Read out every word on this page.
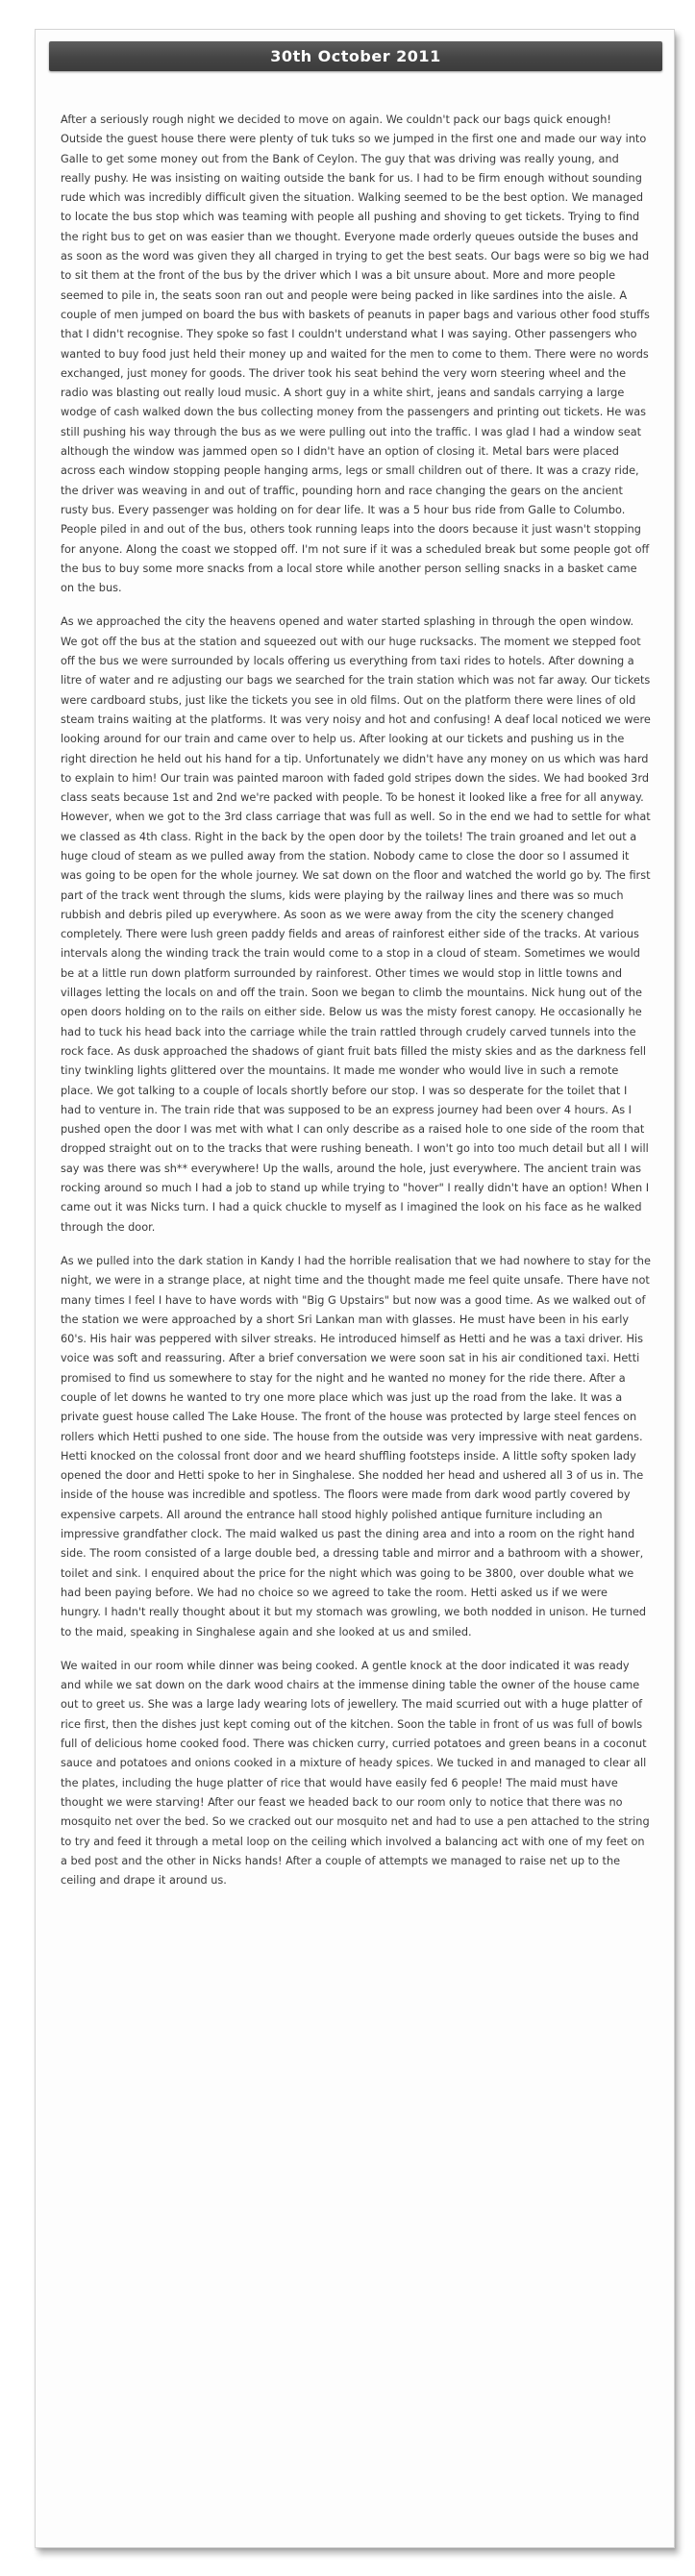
30th October 2011

After a seriously rough night we decided to move on again. We couldn't pack our bags quick enough! Outside the guest house there were plenty of tuk tuks so we jumped in the first one and made our way into Galle to get some money out from the Bank of Ceylon. The guy that was driving was really young, and really pushy. He was insisting on waiting outside the bank for us. I had to be firm enough without sounding rude which was incredibly difficult given the situation. Walking seemed to be the best option. We managed to locate the bus stop which was teaming with people all pushing and shoving to get tickets. Trying to find the right bus to get on was easier than we thought. Everyone made orderly queues outside the buses and as soon as the word was given they all charged in trying to get the best seats. Our bags were so big we had to sit them at the front of the bus by the driver which I was a bit unsure about. More and more people seemed to pile in, the seats soon ran out and people were being packed in like sardines into the aisle. A couple of men jumped on board the bus with baskets of peanuts in paper bags and various other food stuffs that I didn't recognise. They spoke so fast I couldn't understand what I was saying. Other passengers who wanted to buy food just held their money up and waited for the men to come to them. There were no words exchanged, just money for goods. The driver took his seat behind the very worn steering wheel and the radio was blasting out really loud music. A short guy in a white shirt, jeans and sandals carrying a large wodge of cash walked down the bus collecting money from the passengers and printing out tickets. He was still pushing his way through the bus as we were pulling out into the traffic. I was glad I had a window seat although the window was jammed open so I didn't have an option of closing it. Metal bars were placed across each window stopping people hanging arms, legs or small children out of there. It was a crazy ride, the driver was weaving in and out of traffic, pounding horn and race changing the gears on the ancient rusty bus. Every passenger was holding on for dear life. It was a 5 hour bus ride from Galle to Columbo. People piled in and out of the bus, others took running leaps into the doors because it just wasn't stopping for anyone. Along the coast we stopped off. I'm not sure if it was a scheduled break but some people got off the bus to buy some more snacks from a local store while another person selling snacks in a basket came on the bus.

As we approached the city the heavens opened and water started splashing in through the open window. We got off the bus at the station and squeezed out with our huge rucksacks. The moment we stepped foot off the bus we were surrounded by locals offering us everything from taxi rides to hotels. After downing a litre of water and re adjusting our bags we searched for the train station which was not far away. Our tickets were cardboard stubs, just like the tickets you see in old films. Out on the platform there were lines of old steam trains waiting at the platforms. It was very noisy and hot and confusing! A deaf local noticed we were looking around for our train and came over to help us. After looking at our tickets and pushing us in the right direction he held out his hand for a tip. Unfortunately we didn't have any money on us which was hard to explain to him! Our train was painted maroon with faded gold stripes down the sides. We had booked 3rd class seats because 1st and 2nd we're packed with people. To be honest it looked like a free for all anyway. However, when we got to the 3rd class carriage that was full as well. So in the end we had to settle for what we classed as 4th class. Right in the back by the open door by the toilets! The train groaned and let out a huge cloud of steam as we pulled away from the station. Nobody came to close the door so I assumed it was going to be open for the whole journey. We sat down on the floor and watched the world go by. The first part of the track went through the slums, kids were playing by the railway lines and there was so much rubbish and debris piled up everywhere. As soon as we were away from the city the scenery changed completely. There were lush green paddy fields and areas of rainforest either side of the tracks. At various intervals along the winding track the train would come to a stop in a cloud of steam. Sometimes we would be at a little run down platform surrounded by rainforest. Other times we would stop in little towns and villages letting the locals on and off the train. Soon we began to climb the mountains. Nick hung out of the open doors holding on to the rails on either side. Below us was the misty forest canopy. He occasionally he had to tuck his head back into the carriage while the train rattled through crudely carved tunnels into the rock face. As dusk approached the shadows of giant fruit bats filled the misty skies and as the darkness fell tiny twinkling lights glittered over the mountains. It made me wonder who would live in such a remote place. We got talking to a couple of locals shortly before our stop. I was so desperate for the toilet that I had to venture in. The train ride that was supposed to be an express journey had been over 4 hours. As I pushed open the door I was met with what I can only describe as a raised hole to one side of the room that dropped straight out on to the tracks that were rushing beneath. I won't go into too much detail but all I will say was there was sh** everywhere! Up the walls, around the hole, just everywhere. The ancient train was rocking around so much I had a job to stand up while trying to "hover" I really didn't have an option! When I came out it was Nicks turn. I had a quick chuckle to myself as I imagined the look on his face as he walked through the door.

As we pulled into the dark station in Kandy I had the horrible realisation that we had nowhere to stay for the night, we were in a strange place, at night time and the thought made me feel quite unsafe. There have not many times I feel I have to have words with "Big G Upstairs" but now was a good time. As we walked out of the station we were approached by a short Sri Lankan man with glasses. He must have been in his early 60's. His hair was peppered with silver streaks. He introduced himself as Hetti and he was a taxi driver. His voice was soft and reassuring. After a brief conversation we were soon sat in his air conditioned taxi. Hetti promised to find us somewhere to stay for the night and he wanted no money for the ride there. After a couple of let downs he wanted to try one more place which was just up the road from the lake. It was a private guest house called The Lake House. The front of the house was protected by large steel fences on rollers which Hetti pushed to one side. The house from the outside was very impressive with neat gardens. Hetti knocked on the colossal front door and we heard shuffling footsteps inside. A little softy spoken lady opened the door and Hetti spoke to her in Singhalese. She nodded her head and ushered all 3 of us in. The inside of the house was incredible and spotless. The floors were made from dark wood partly covered by expensive carpets. All around the entrance hall stood highly polished antique furniture including an impressive grandfather clock. The maid walked us past the dining area and into a room on the right hand side. The room consisted of a large double bed, a dressing table and mirror and a bathroom with a shower, toilet and sink. I enquired about the price for the night which was going to be 3800, over double what we had been paying before. We had no choice so we agreed to take the room. Hetti asked us if we were hungry. I hadn't really thought about it but my stomach was growling, we both nodded in unison. He turned to the maid, speaking in Singhalese again and she looked at us and smiled.

We waited in our room while dinner was being cooked. A gentle knock at the door indicated it was ready and while we sat down on the dark wood chairs at the immense dining table the owner of the house came out to greet us. She was a large lady wearing lots of jewellery. The maid scurried out with a huge platter of rice first, then the dishes just kept coming out of the kitchen. Soon the table in front of us was full of bowls full of delicious home cooked food. There was chicken curry, curried potatoes and green beans in a coconut sauce and potatoes and onions cooked in a mixture of heady spices. We tucked in and managed to clear all the plates, including the huge platter of rice that would have easily fed 6 people! The maid must have thought we were starving! After our feast we headed back to our room only to notice that there was no mosquito net over the bed. So we cracked out our mosquito net and had to use a pen attached to the string to try and feed it through a metal loop on the ceiling which involved a balancing act with one of my feet on a bed post and the other in Nicks hands! After a couple of attempts we managed to raise net up to the ceiling and drape it around us.
